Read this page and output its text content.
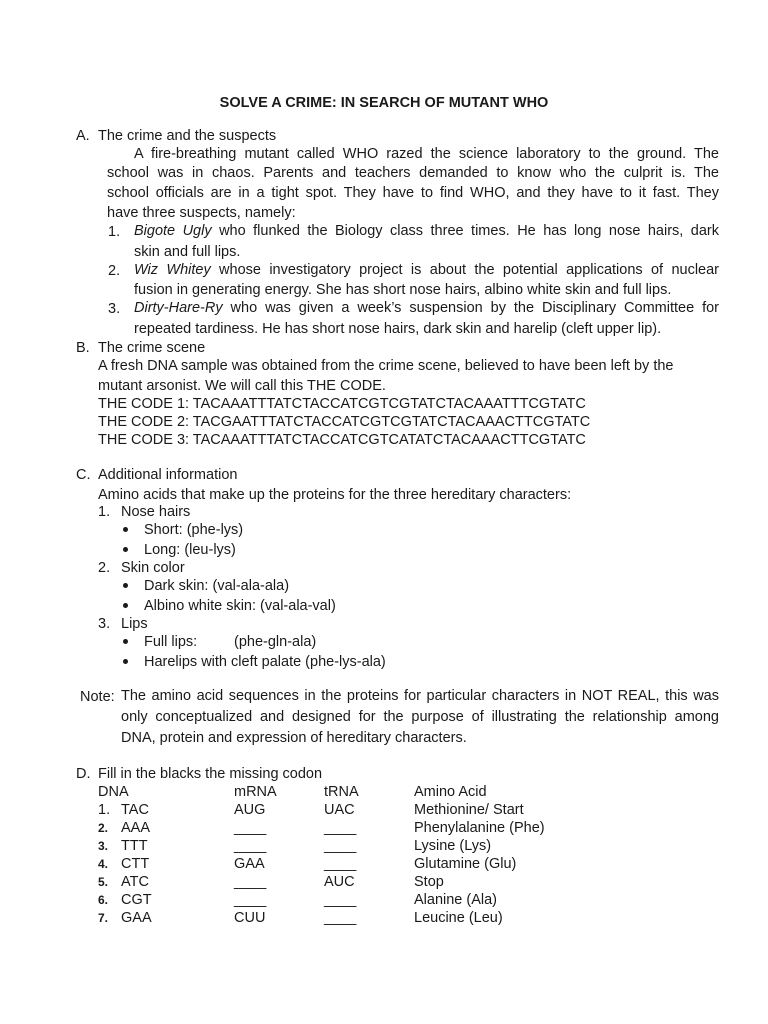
SOLVE A CRIME: IN SEARCH OF MUTANT WHO
A. The crime and the suspects
A fire-breathing mutant called WHO razed the science laboratory to the ground. The
school was in chaos. Parents and teachers demanded to know who the culprit is. The
school officials are in a tight spot. They have to find WHO, and they have to it fast. They
have three suspects, namely:
1. Bigote Ugly who flunked the Biology class three times. He has long nose hairs, dark
skin and full lips.
2. Wiz Whitey whose investigatory project is about the potential applications of nuclear
fusion in generating energy. She has short nose hairs, albino white skin and full lips.
3. Dirty-Hare-Ry who was given a week’s suspension by the Disciplinary Committee for
repeated tardiness. He has short nose hairs, dark skin and harelip (cleft upper lip).
B. The crime scene
A fresh DNA sample was obtained from the crime scene, believed to have been left by the
mutant arsonist. We will call this THE CODE.
THE CODE 1: TACAAATTTATCTACCATCGTCGTATCTACAAATTTCGTATC
THE CODE 2: TACGAATTTATCTACCATCGTCGTATCTACAAACTTCGTATC
THE CODE 3: TACAAATTTATCTACCATCGTCATATCTACAAACTTCGTATC
C. Additional information
Amino acids that make up the proteins for the three hereditary characters:
1. Nose hairs
Short: (phe-lys)
Long: (leu-lys)
2. Skin color
Dark skin: (val-ala-ala)
Albino white skin: (val-ala-val)
3. Lips
Full lips:	(phe-gln-ala)
Harelips with cleft palate (phe-lys-ala)
Note: The amino acid sequences in the proteins for particular characters in NOT REAL, this was
only conceptualized and designed for the purpose of illustrating the relationship among
DNA, protein and expression of hereditary characters.
D. Fill in the blacks the missing codon
DNA	mRNA	tRNA	Amino Acid
1. TAC	AUG	UAC	Methionine/ Start
2. AAA	____	____	Phenylalanine (Phe)
3. TTT	____	____	Lysine (Lys)
4. CTT	GAA	____	Glutamine (Glu)
5. ATC	____	AUC	Stop
6. CGT	____	____	Alanine (Ala)
7. GAA	CUU	____	Leucine (Leu)
